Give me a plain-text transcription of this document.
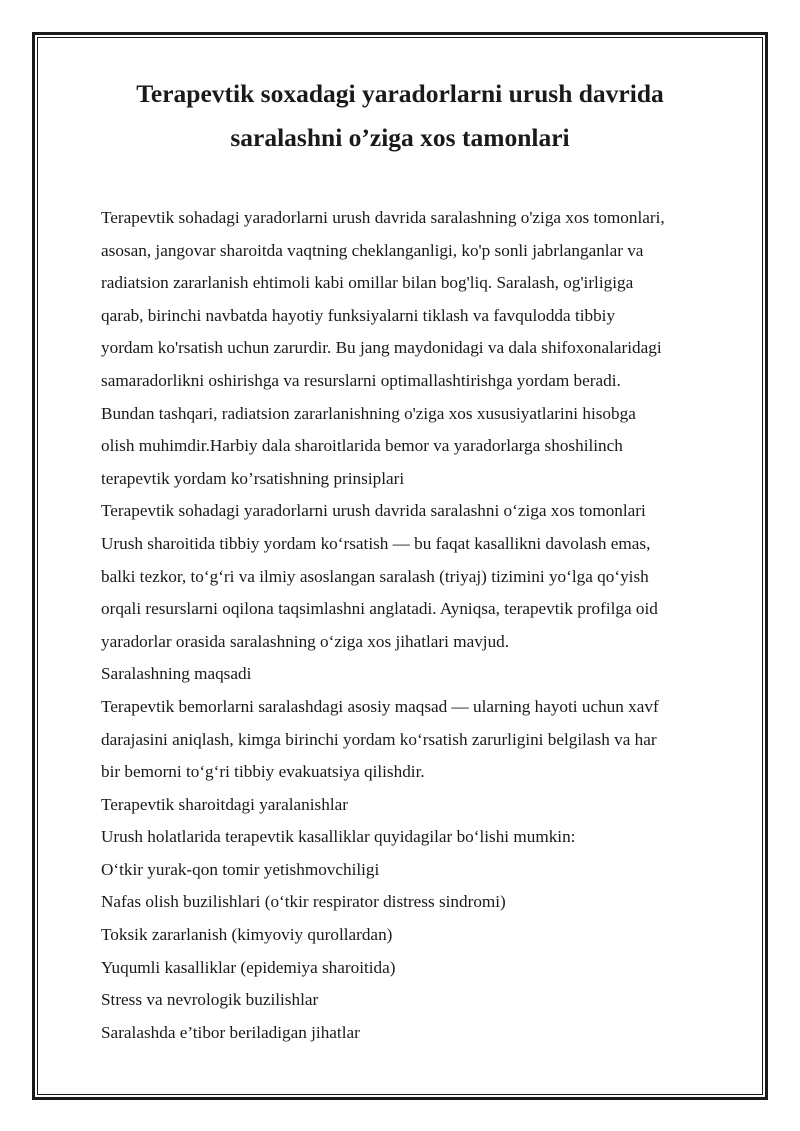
Terapevtik soxadagi yaradorlarni urush davrida
saralashni o’ziga xos tamonlari

Terapevtik sohadagi yaradorlarni urush davrida saralashning o'ziga xos tomonlari,
asosan, jangovar sharoitda vaqtning cheklanganligi, ko'p sonli jabrlanganlar va
radiatsion zararlanish ehtimoli kabi omillar bilan bog'liq. Saralash, og'irligiga
qarab, birinchi navbatda hayotiy funksiyalarni tiklash va favqulodda tibbiy
yordam ko'rsatish uchun zarurdir. Bu jang maydonidagi va dala shifoxonalaridagi
samaradorlikni oshirishga va resurslarni optimallashtirishga yordam beradi.
Bundan tashqari, radiatsion zararlanishning o'ziga xos xususiyatlarini hisobga
olish muhimdir.Harbiy dala sharoitlarida bemor va yaradorlarga shoshilinch
terapevtik yordam ko’rsatishning prinsiplari

Terapevtik sohadagi yaradorlarni urush davrida saralashni o‘ziga xos tomonlari

Urush sharoitida tibbiy yordam ko‘rsatish — bu faqat kasallikni davolash emas,
balki tezkor, to‘g‘ri va ilmiy asoslangan saralash (triyaj) tizimini yo‘lga qo‘yish
orqali resurslarni oqilona taqsimlashni anglatadi. Ayniqsa, terapevtik profilga oid
yaradorlar orasida saralashning o‘ziga xos jihatlari mavjud.

Saralashning maqsadi

Terapevtik bemorlarni saralashdagi asosiy maqsad — ularning hayoti uchun xavf
darajasini aniqlash, kimga birinchi yordam ko‘rsatish zarurligini belgilash va har
bir bemorni to‘g‘ri tibbiy evakuatsiya qilishdir.

Terapevtik sharoitdagi yaralanishlar

Urush holatlarida terapevtik kasalliklar quyidagilar bo‘lishi mumkin:

O‘tkir yurak-qon tomir yetishmovchiligi

Nafas olish buzilishlari (o‘tkir respirator distress sindromi)

Toksik zararlanish (kimyoviy qurollardan)

Yuqumli kasalliklar (epidemiya sharoitida)

Stress va nevrologik buzilishlar

Saralashda e’tibor beriladigan jihatlar
